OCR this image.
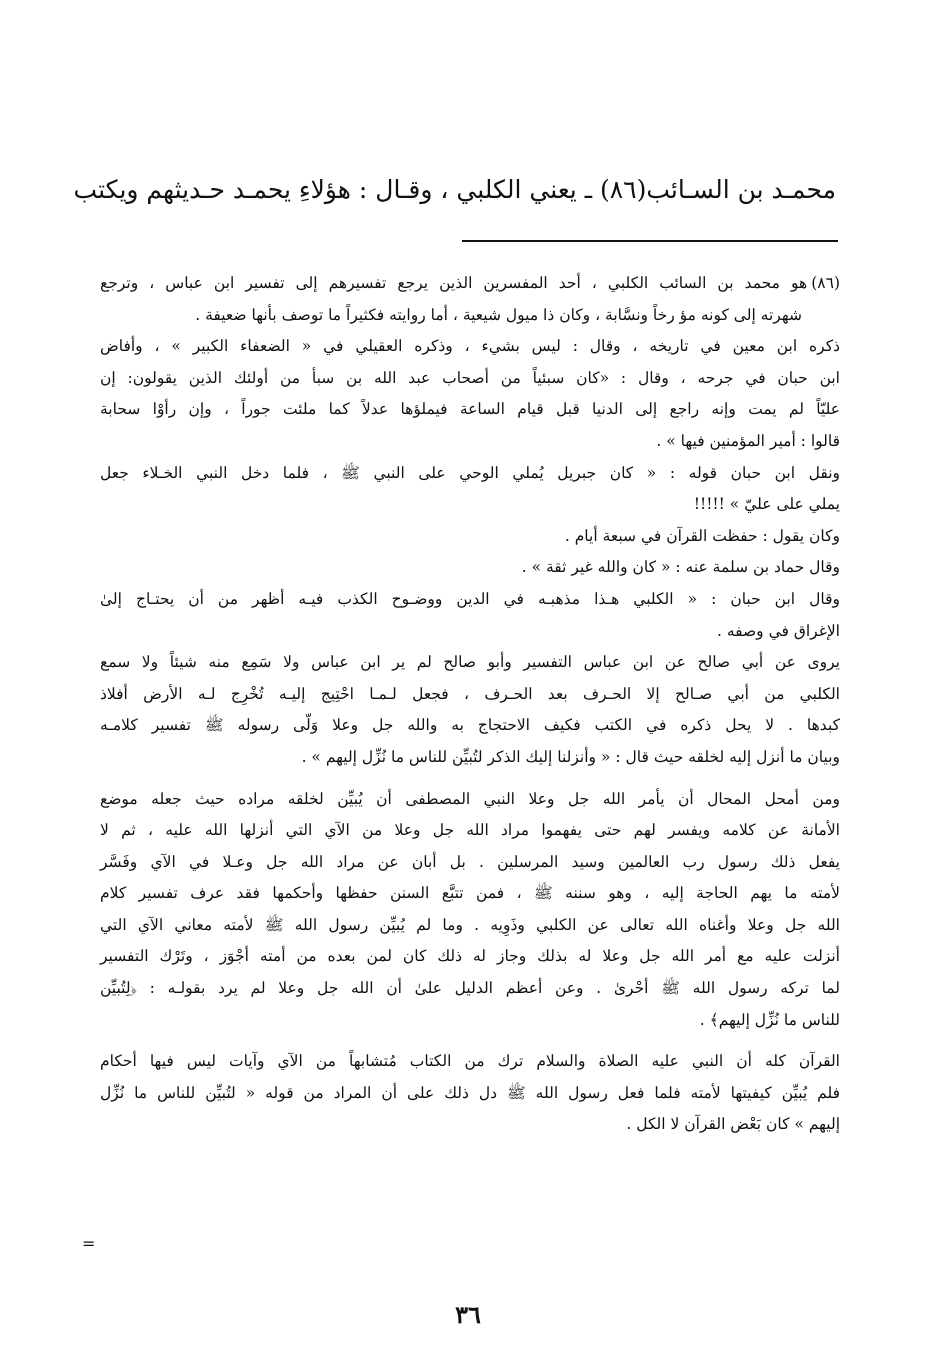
محمـد بن السـائب(٨٦) ـ يعني الكلبي ، وقـال : هؤلاءِ يحمـد حـديثهم ويكتب

(٨٦)هو محمد بن السائب الكلبي ، أحد المفسرين الذين يرجع تفسيرهم إلى تفسير ابن عباس ، وترجع
شهرته إلى كونه مؤ رخاً ونسَّابة ، وكان ذا ميول شيعية ، أما روايته فكثيراً ما توصف بأنها ضعيفة .

ذكره ابن معين في تاريخه ، وقال : ليس بشيء ، وذكره العقيلي في « الضعفاء الكبير » ، وأفاض
ابن حبان في جرحه ، وقال : «كان سبئياً من أصحاب عبد الله بن سبأ من أولئك الذين يقولون: إن
عليّاً لم يمت وإنه راجع إلى الدنيا قبل قيام الساعة فيملؤها عدلاً كما ملئت جوراً ، وإن رأوْا سحابة
قالوا : أمير المؤمنين فيها » .

ونقل ابن حبان قوله : « كان جبريل يُملي الوحي على النبي ﷺ ، فلما دخل النبي الخـلاء جعل
يملي على عليّ » !!!!!

وكان يقول : حفظت القرآن في سبعة أيام .

وقال حماد بن سلمة عنه : « كان والله غير ثقة » .

وقال ابن حبان : « الكلبي هـذا مذهبـه في الدين ووضـوح الكذب فيـه أظهر من أن يحتـاج إلىٰ
الإغراق في وصفه .

يروى عن أبي صالح عن ابن عباس التفسير وأبو صالح لم ير ابن عباس ولا سَمِع منه شيئاً ولا سمع
الكلبي من أبي صـالح إلا الحـرف بعد الحـرف ، فجعل لـمـا احْتِيج إليـه تُخْرِج لـه الأرض أفلاذ
كبدها . لا يحل ذكره في الكتب فكيف الاحتجاج به والله جل وعلا وَلّى رسوله ﷺ تفسير كلامـه
وبيان ما أنزل إليه لخلقه حيث قال : « وأنزلنا إليك الذكر لتُبيِّن للناس ما نُزِّل إليهم » .

ومن أمحل المحال أن يأمر الله جل وعلا النبي المصطفى أن يُبيِّن لخلقه مراده حيث جعله موضع
الأمانة عن كلامه ويفسر لهم حتى يفهموا مراد الله جل وعلا من الآي التي أنزلها الله عليه ، ثم لا
يفعل ذلك رسول رب العالمين وسيد المرسلين . بل أبان عن مراد الله جل وعـلا في الآي وفَسَّر
لأمته ما يهم الحاجة إليه ، وهو سننه ﷺ ، فمن تتبَّع السنن حفظها وأحكمها فقد عرف تفسير كلام
الله جل وعلا وأغناه الله تعالى عن الكلبي وذَوِيه . وما لم يُبيِّن رسول الله ﷺ لأمته معاني الآي التي
أنزلت عليه مع أمر الله جل وعلا له بذلك وجاز له ذلك كان لمن بعده من أمته أجْوَز ، وتَرْك التفسير
لما تركه رسول الله ﷺ أحْرىٰ . وعن أعظم الدليل علىٰ أن الله جل وعلا لم يرد بقولـه : ﴿لِتُبيِّن
للناس ما نُزِّل إليهم﴾ .

القرآن كله أن النبي عليه الصلاة والسلام ترك من الكتاب مُتشابهاً من الآي وآيات ليس فيها أحكام
فلم يُبيِّن كيفيتها لأمته فلما فعل رسول الله ﷺ دل ذلك على أن المراد من قوله « لتُبيِّن للناس ما نُزِّل
إليهم » كان بَعْض القرآن لا الكل .

=
٣٦
